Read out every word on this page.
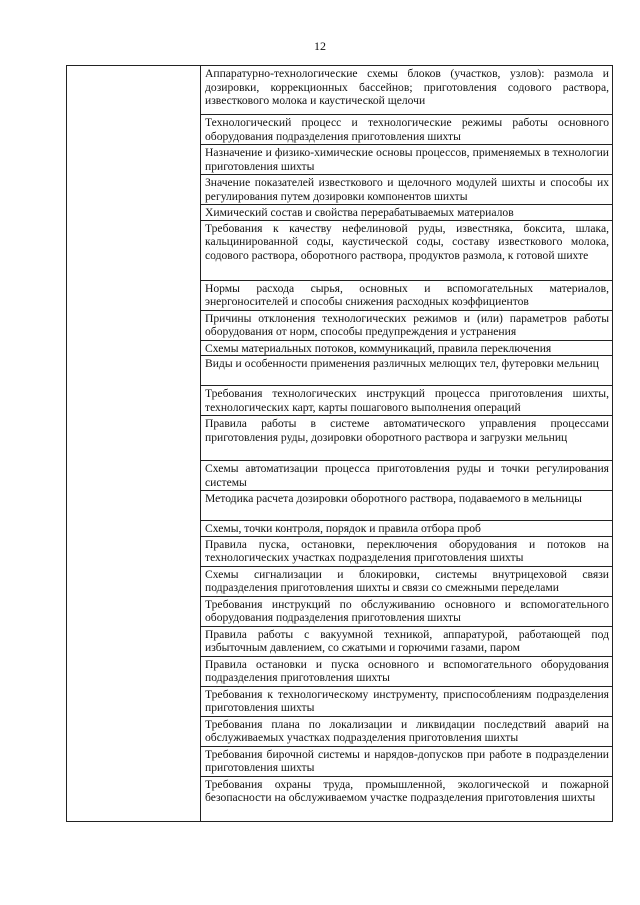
12

Аппаратурно-технологические схемы блоков (участков, узлов): размола и дозировки, коррекционных бассейнов; приготовления содового раствора, известкового молока и каустической щелочи

Технологический процесс и технологические режимы работы основного оборудования подразделения приготовления шихты

Назначение и физико-химические основы процессов, применяемых в технологии приготовления шихты

Значение показателей известкового и щелочного модулей шихты и способы их регулирования путем дозировки компонентов шихты

Химический состав и свойства перерабатываемых материалов

Требования к качеству нефелиновой руды, известняка, боксита, шлака, кальцинированной соды, каустической соды, составу известкового молока, содового раствора, оборотного раствора, продуктов размола, к готовой шихте

Нормы расхода сырья, основных и вспомогательных материалов, энергоносителей и способы снижения расходных коэффициентов

Причины отклонения технологических режимов и (или) параметров работы оборудования от норм, способы предупреждения и устранения

Схемы материальных потоков, коммуникаций, правила переключения

Виды и особенности применения различных мелющих тел, футеровки мельниц

Требования технологических инструкций процесса приготовления шихты, технологических карт, карты пошагового выполнения операций

Правила работы в системе автоматического управления процессами приготовления руды, дозировки оборотного раствора и загрузки мельниц

Схемы автоматизации процесса приготовления руды и точки регулирования системы

Методика расчета дозировки оборотного раствора, подаваемого в мельницы

Схемы, точки контроля, порядок и правила отбора проб

Правила пуска, остановки, переключения оборудования и потоков на технологических участках подразделения приготовления шихты

Схемы сигнализации и блокировки, системы внутрицеховой связи подразделения приготовления шихты и связи со смежными переделами

Требования инструкций по обслуживанию основного и вспомогательного оборудования подразделения приготовления шихты

Правила работы с вакуумной техникой, аппаратурой, работающей под избыточным давлением, со сжатыми и горючими газами, паром

Правила остановки и пуска основного и вспомогательного оборудования подразделения приготовления шихты

Требования к технологическому инструменту, приспособлениям подразделения приготовления шихты

Требования плана по локализации и ликвидации последствий аварий на обслуживаемых участках подразделения приготовления шихты

Требования бирочной системы и нарядов-допусков при работе в подразделении приготовления шихты

Требования охраны труда, промышленной, экологической и пожарной безопасности на обслуживаемом участке подразделения приготовления шихты
